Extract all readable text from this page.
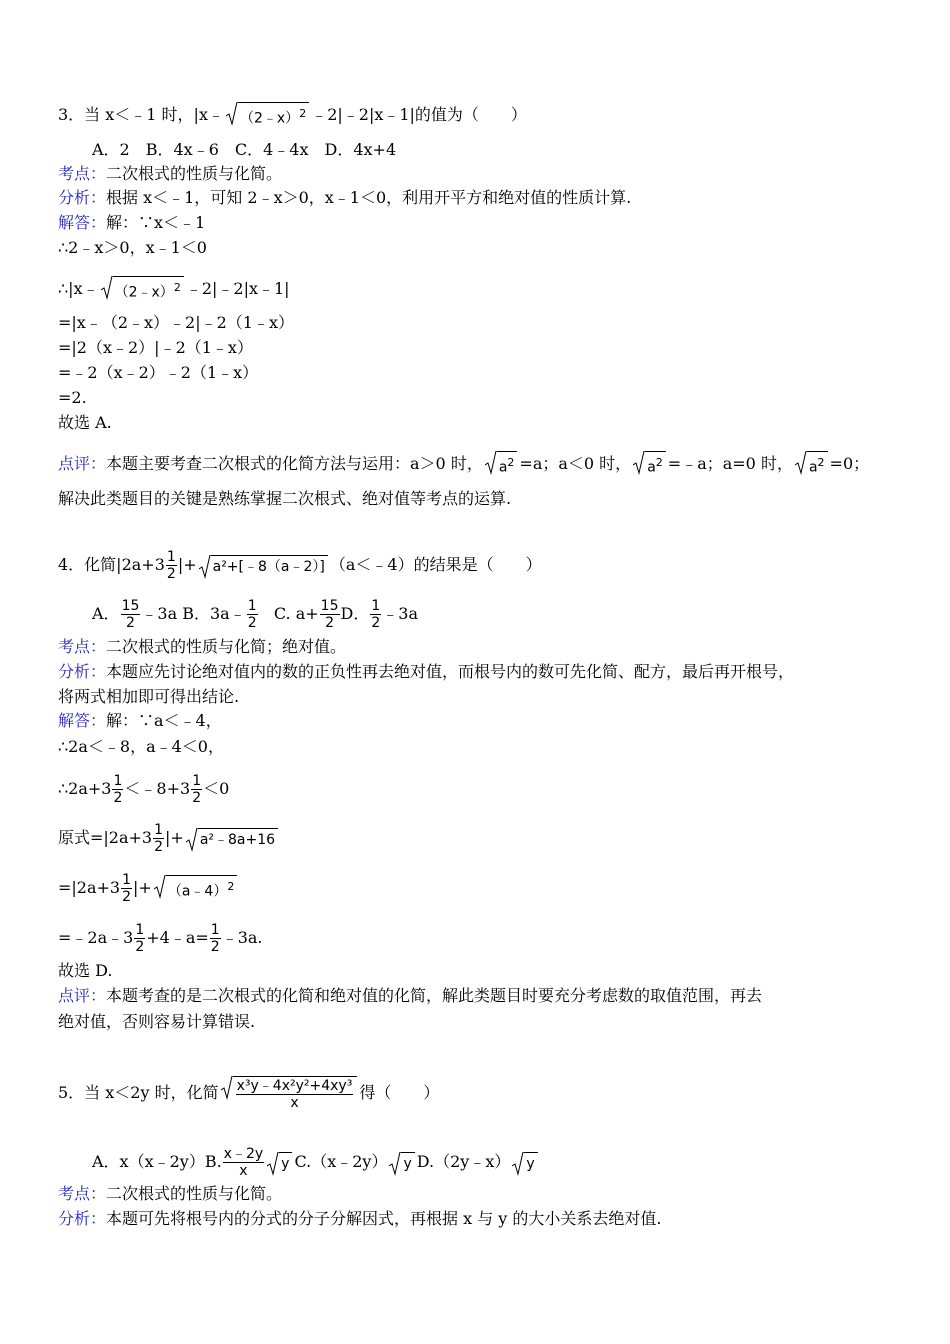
3．当 x＜﹣1 时，|x﹣ （2﹣x）$^2$ ﹣2|﹣2|x﹣1|的值为（　　）
A．2　B．4x﹣6　C．4﹣4x　D．4x+4
考点：二次根式的性质与化简。
分析：根据 x＜﹣1，可知 2﹣x＞0，x﹣1＜0，利用开平方和绝对值的性质计算.
解答：解：∵x＜﹣1
∴2﹣x＞0，x﹣1＜0
∴|x﹣ （2﹣x）$^2$ ﹣2|﹣2|x﹣1|
=|x﹣（2﹣x）﹣2|﹣2（1﹣x）
=|2（x﹣2）|﹣2（1﹣x）
=﹣2（x﹣2）﹣2（1﹣x）
=2.
故选 A.
点评：本题主要考查二次根式的化简方法与运用：a＞0 时， $a^2 =a$；a＜0 时， $a^2$ =﹣a；a=0 时， $a^2 =0$；
解决此类题目的关键是熟练掌握二次根式、绝对值等考点的运算.
4．化简$|2a+3 \frac{1}{2}$ |+ a²+[﹣8（a﹣2）] （a＜﹣4）的结果是（　　）
A． $\frac{15}{2}$ ﹣3a B．3a﹣ $\frac{1}{2} C$. $a+ \frac{15}{2}$ D． $\frac{1}{2}$ ﹣3a
考点：二次根式的性质与化简；绝对值。
分析：本题应先讨论绝对值内的数的正负性再去绝对值，而根号内的数可先化简、配方，最后再开根号，
将两式相加即可得出结论.
解答：解：∵a＜﹣4，
∴2a＜﹣8，a﹣4＜0，
∴2a+3 $\frac{1}{2}$ ＜﹣8+3 $\frac{1}{2} <0$
原式$=|2a+3 \frac{1}{2}$ |+ a²﹣8a+16
$=|2a+3 \frac{1}{2}$ |+ （a﹣4）$^2$
=﹣2a﹣3 $\frac{1}{2}$ +4﹣a= $\frac{1}{2}$ ﹣3a.
故选 D.
点评：本题考查的是二次根式的化简和绝对值的化简，解此类题目时要充分考虑数的取值范围，再去
绝对值，否则容易计算错误.
5．当 x＜2y 时，化简 $\frac{\text{x³y﹣4x²y²+4xy³}}{x}$ 得（　　）
A．x（x﹣2y）B. $\frac{x﹣2y}{x}$ y C.（x﹣2y） y D.（2y﹣x） y
考点：二次根式的性质与化简。
分析：本题可先将根号内的分式的分子分解因式，再根据 x 与 y 的大小关系去绝对值.
